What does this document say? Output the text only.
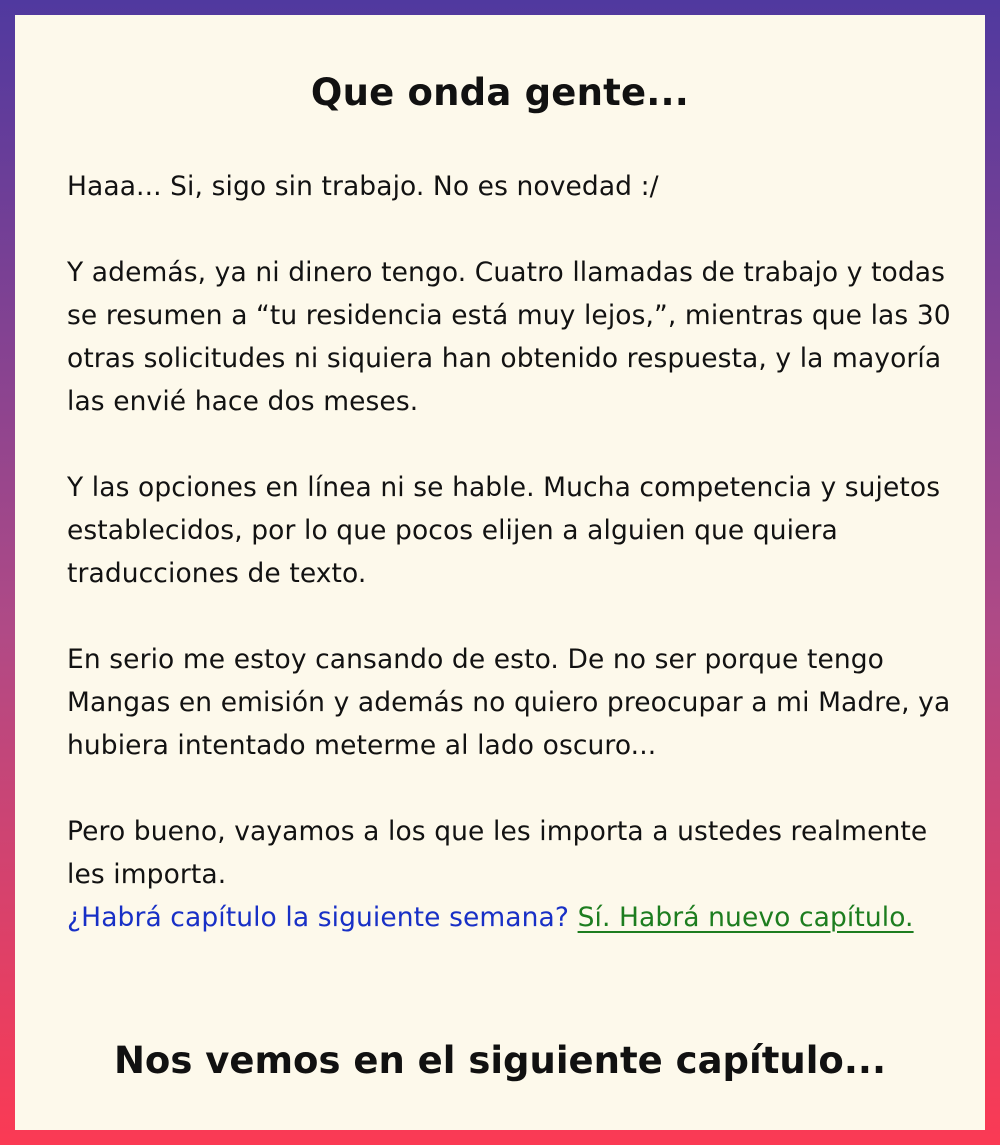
Que onda gente...

Haaa... Si, sigo sin trabajo. No es novedad :/

Y además, ya ni dinero tengo. Cuatro llamadas de trabajo y todas se resumen a “tu residencia está muy lejos,”, mientras que las 30 otras solicitudes ni siquiera han obtenido respuesta, y la mayoría las envié hace dos meses.

Y las opciones en línea ni se hable. Mucha competencia y sujetos establecidos, por lo que pocos elijen a alguien que quiera traducciones de texto.

En serio me estoy cansando de esto. De no ser porque tengo Mangas en emisión y además no quiero preocupar a mi Madre, ya hubiera intentado meterme al lado oscuro...

Pero bueno, vayamos a los que les importa a ustedes realmente les importa.

¿Habrá capítulo la siguiente semana? Sí. Habrá nuevo capítulo.

Nos vemos en el siguiente capítulo...
